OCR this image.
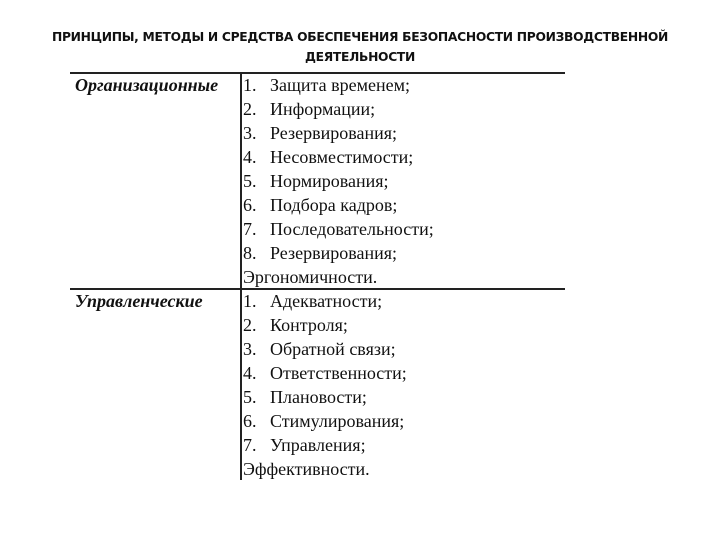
ПРИНЦИПЫ, МЕТОДЫ И СРЕДСТВА ОБЕСПЕЧЕНИЯ БЕЗОПАСНОСТИ ПРОИЗВОДСТВЕННОЙ
ДЕЯТЕЛЬНОСТИ
Организационные 1. Защита временем;
2. Информации;
3. Резервирования;
4. Несовместимости;
5. Нормирования;
6. Подбора кадров;
7. Последовательности;
8. Резервирования;
Эргономичности.
Управленческие 1. Адекватности;
2. Контроля;
3. Обратной связи;
4. Ответственности;
5. Плановости;
6. Стимулирования;
7. Управления;
Эффективности.
